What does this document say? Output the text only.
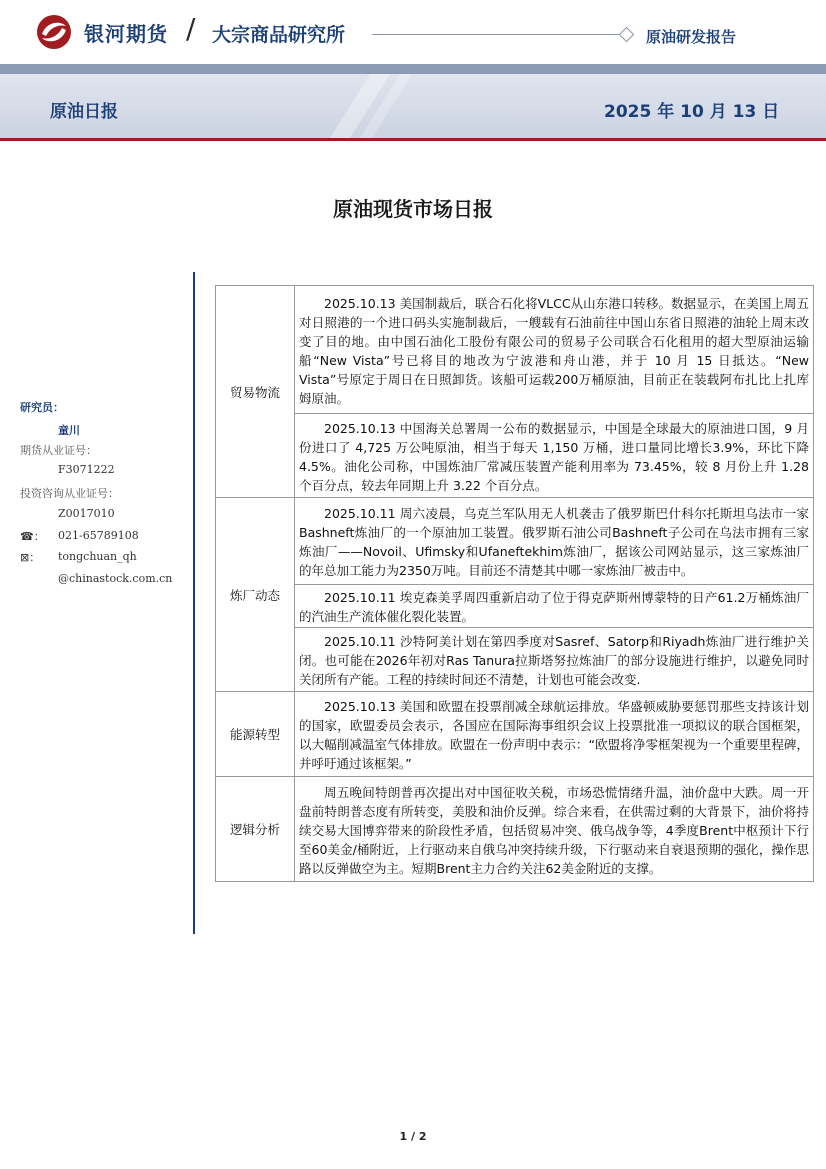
银河期货 / 大宗商品研究所	原油研发报告
原油日报	2025 年 10 月 13 日
原油现货市场日报
研究员：
童川
期货从业证号：
F3071222
投资咨询从业证号：
Z0017010
☎： 021-65789108
⊠： tongchuan_qh
@chinastock.com.cn
贸易物流	2025.10.13 美国制裁后，联合石化将VLCC从山东港口转移。数据显示，在美国上周五对日照港的一个进口码头实施制裁后，一艘载有石油前往中国山东省日照港的油轮上周末改变了目的地。由中国石油化工股份有限公司的贸易子公司联合石化租用的超大型原油运输船“New Vista”号已将目的地改为宁波港和舟山港，并于 10 月 15 日抵达。“New Vista”号原定于周日在日照卸货。该船可运载200万桶原油，目前正在装载阿布扎比上扎库姆原油。
	2025.10.13 中国海关总署周一公布的数据显示，中国是全球最大的原油进口国，9 月份进口了 4,725 万公吨原油，相当于每天 1,150 万桶，进口量同比增长3.9%，环比下降4.5%。油化公司称，中国炼油厂常减压装置产能利用率为 73.45%，较 8 月份上升 1.28 个百分点，较去年同期上升 3.22 个百分点。
炼厂动态	2025.10.11 周六凌晨，乌克兰军队用无人机袭击了俄罗斯巴什科尔托斯坦乌法市一家Bashneft炼油厂的一个原油加工装置。俄罗斯石油公司Bashneft子公司在乌法市拥有三家炼油厂——Novoil、Ufimsky和Ufaneftekhim炼油厂，据该公司网站显示，这三家炼油厂的年总加工能力为2350万吨。目前还不清楚其中哪一家炼油厂被击中。
	2025.10.11 埃克森美孚周四重新启动了位于得克萨斯州博蒙特的日产61.2万桶炼油厂的汽油生产流体催化裂化装置。
	2025.10.11 沙特阿美计划在第四季度对Sasref、Satorp和Riyadh炼油厂进行维护关闭。也可能在2026年初对Ras Tanura拉斯塔努拉炼油厂的部分设施进行维护，以避免同时关闭所有产能。工程的持续时间还不清楚，计划也可能会改变.
能源转型	2025.10.13 美国和欧盟在投票削减全球航运排放。华盛顿威胁要惩罚那些支持该计划的国家，欧盟委员会表示，各国应在国际海事组织会议上投票批准一项拟议的联合国框架，以大幅削减温室气体排放。欧盟在一份声明中表示：“欧盟将净零框架视为一个重要里程碑，并呼吁通过该框架。”
逻辑分析	周五晚间特朗普再次提出对中国征收关税，市场恐慌情绪升温，油价盘中大跌。周一开盘前特朗普态度有所转变，美股和油价反弹。综合来看，在供需过剩的大背景下，油价将持续交易大国博弈带来的阶段性矛盾，包括贸易冲突、俄乌战争等，4季度Brent中枢预计下行至60美金/桶附近，上行驱动来自俄乌冲突持续升级，下行驱动来自衰退预期的强化，操作思路以反弹做空为主。短期Brent主力合约关注62美金附近的支撑。
1 / 2
